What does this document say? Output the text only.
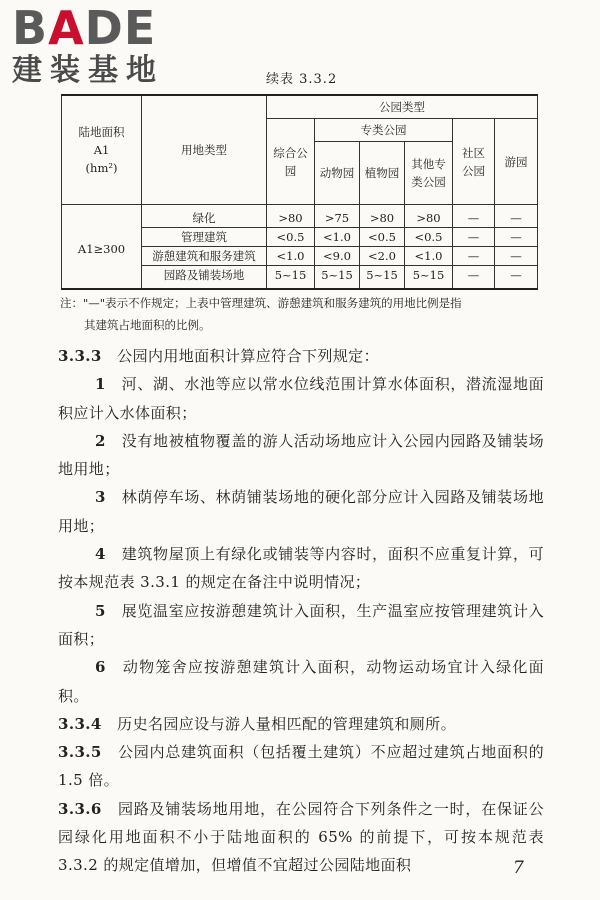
BADE
建装基地	续表 3.3.2
陆地面积
A1
(hm²)	用地类型	公园类型					
		综合公园	专类公园			社区公园	游园
			动物园	植物园	其他专类公园		
A1≥300	绿化	>80	>75	>80	>80	—	—
	管理建筑	<0.5	<1.0	<0.5	<0.5	—	—
	游憩建筑和服务建筑	<1.0	<9.0	<2.0	<1.0	—	—
	园路及铺装场地	5~15	5~15	5~15	5~15	—	—
注："—"表示不作规定；上表中管理建筑、游憩建筑和服务建筑的用地比例是指
其建筑占地面积的比例。
3.3.3　 公园内用地面积计算应符合下列规定：
1　 河、湖、水池等应以常水位线范围计算水体面积，潜流湿地面积应计入水体面积；
2　 没有地被植物覆盖的游人活动场地应计入公园内园路及铺装场地用地；
3　 林荫停车场、林荫铺装场地的硬化部分应计入园路及铺装场地用地；
4　 建筑物屋顶上有绿化或铺装等内容时，面积不应重复计算，可按本规范表 3.3.1 的规定在备注中说明情况；
5　 展览温室应按游憩建筑计入面积，生产温室应按管理建筑计入面积；
6　 动物笼舍应按游憩建筑计入面积，动物运动场宜计入绿化面积。
3.3.4　 历史名园应设与游人量相匹配的管理建筑和厕所。
3.3.5　 公园内总建筑面积（包括覆土建筑）不应超过建筑占地面积的 1.5 倍。
3.3.6　 园路及铺装场地用地，在公园符合下列条件之一时，在保证公园绿化用地面积不小于陆地面积的 65% 的前提下，可按本规范表 3.3.2 的规定值增加，但增值不宜超过公园陆地面积	7
